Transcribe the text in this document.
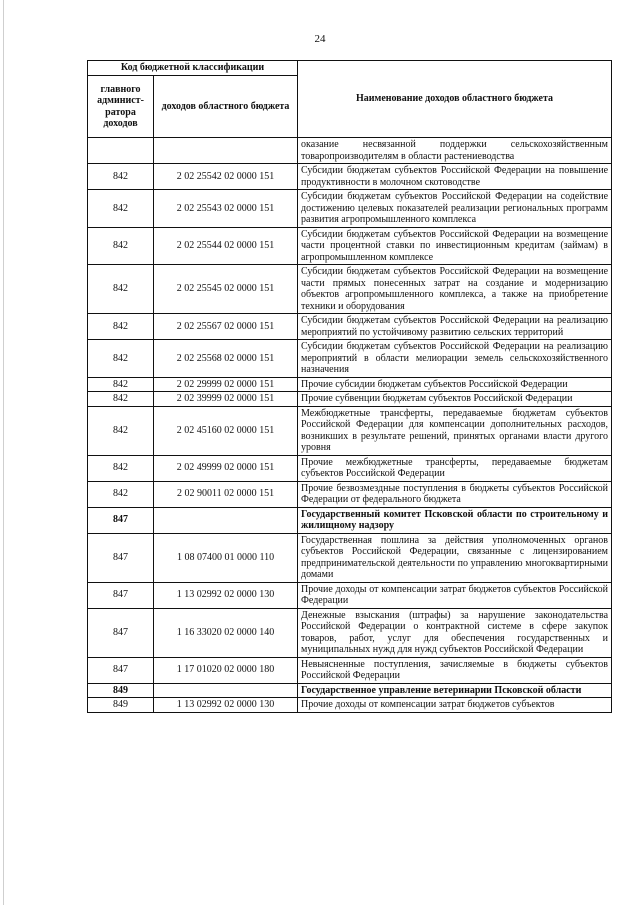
24
Код бюджетной классификации		Наименование доходов областного бюджета
главного админист- ратора доходов	доходов областного бюджета	
		оказание несвязанной поддержки сельскохозяйственным товаропроизводителям в области растениеводства
842	2 02 25542 02 0000 151	Субсидии бюджетам субъектов Российской Федерации на повышение продуктивности в молочном скотоводстве
842	2 02 25543 02 0000 151	Субсидии бюджетам субъектов Российской Федерации на содействие достижению целевых показателей реализации региональных программ развития агропромышленного комплекса
842	2 02 25544 02 0000 151	Субсидии бюджетам субъектов Российской Федерации на возмещение части процентной ставки по инвестиционным кредитам (займам) в агропромышленном комплексе
842	2 02 25545 02 0000 151	Субсидии бюджетам субъектов Российской Федерации на возмещение части прямых понесенных затрат на создание и модернизацию объектов агропромышленного комплекса, а также на приобретение техники и оборудования
842	2 02 25567 02 0000 151	Субсидии бюджетам субъектов Российской Федерации на реализацию мероприятий по устойчивому развитию сельских территорий
842	2 02 25568 02 0000 151	Субсидии бюджетам субъектов Российской Федерации на реализацию мероприятий в области мелиорации земель сельскохозяйственного назначения
842	2 02 29999 02 0000 151	Прочие субсидии бюджетам субъектов Российской Федерации
842	2 02 39999 02 0000 151	Прочие субвенции бюджетам субъектов Российской Федерации
842	2 02 45160 02 0000 151	Межбюджетные трансферты, передаваемые бюджетам субъектов Российской Федерации для компенсации дополнительных расходов, возникших в результате решений, принятых органами власти другого уровня
842	2 02 49999 02 0000 151	Прочие межбюджетные трансферты, передаваемые бюджетам субъектов Российской Федерации
842	2 02 90011 02 0000 151	Прочие безвозмездные поступления в бюджеты субъектов Российской Федерации от федерального бюджета
847		Государственный комитет Псковской области по строительному и жилищному надзору
847	1 08 07400 01 0000 110	Государственная пошлина за действия уполномоченных органов субъектов Российской Федерации, связанные с лицензированием предпринимательской деятельности по управлению многоквартирными домами
847	1 13 02992 02 0000 130	Прочие доходы от компенсации затрат бюджетов субъектов Российской Федерации
847	1 16 33020 02 0000 140	Денежные взыскания (штрафы) за нарушение законодательства Российской Федерации о контрактной системе в сфере закупок товаров, работ, услуг для обеспечения государственных и муниципальных нужд для нужд субъектов Российской Федерации
847	1 17 01020 02 0000 180	Невыясненные поступления, зачисляемые в бюджеты субъектов Российской Федерации
849		Государственное управление ветеринарии Псковской области
849	1 13 02992 02 0000 130	Прочие доходы от компенсации затрат бюджетов субъектов
